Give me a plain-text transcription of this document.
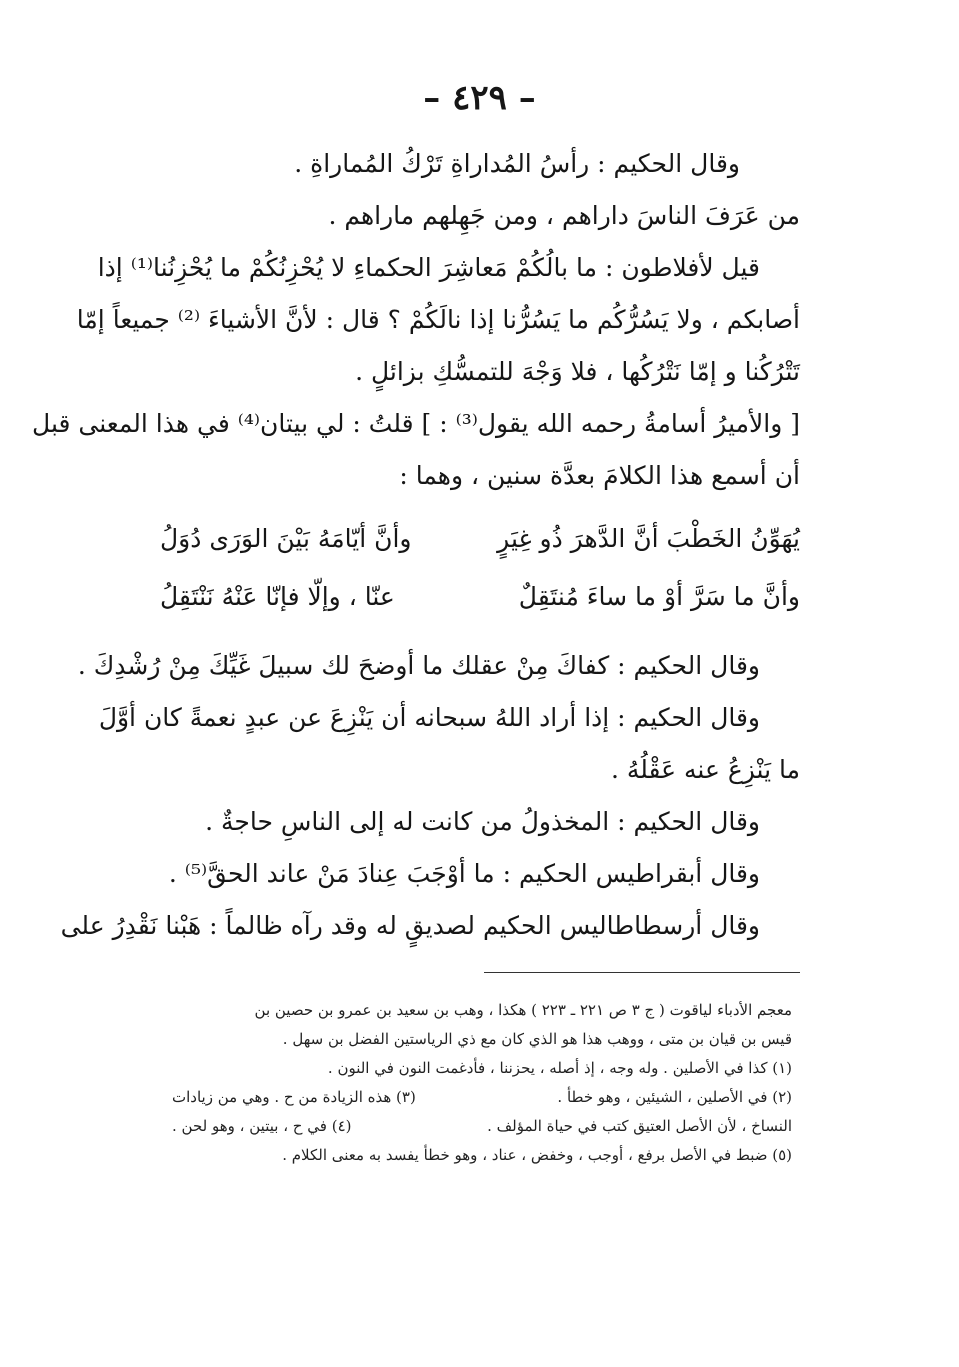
– ٤٢٩ –
وقال الحكيم : رأسُ المُداراةِ تَرْكُ المُماراةِ .
من عَرَفَ الناسَ داراهم ، ومن جَهِلهم ماراهم .
قيل لأفلاطون : ما بالُكُمْ مَعاشِرَ الحكماءِ لا يُحْزِنُكُمْ ما يُحْزِنُنا⁽¹⁾ إذا
أصابكم ، ولا يَسُرُّكُم ما يَسُرُّنا إذا نالَكُمْ ؟ قال : لأنَّ الأشياءَ ⁽²⁾ جميعاً إمّا
تَتْرُكُنا و إمّا نَتْرُكُها ، فلا وَجْهَ للتمسُّكِ بزائلٍ .
[ والأميرُ أسامةُ رحمه الله يقول⁽³⁾ : ] قلتُ : لي بيتان⁽⁴⁾ في هذا المعنى قبل
أن أسمع هذا الكلامَ بعدَّة سنين ، وهما :
يُهَوِّنُ الخَطْبَ أنَّ الدَّهرَ ذُو غِيَرٍ
وأنَّ أيّامَهُ بَيْنَ الوَرَى دُوَلُ
وأنَّ ما سَرَّ أوْ ما ساءَ مُنتَقِلٌ
عنّا ، وإلّا فإنّا عَنْهُ نَنْتَقِلُ
وقال الحكيم : كفاكَ مِنْ عقلك ما أوضحَ لك سبيلَ غَيِّكَ مِنْ رُشْدِكَ .
وقال الحكيم : إذا أراد اللهُ سبحانه أن يَنْزِعَ عن عبدٍ نعمةً كان أوَّلَ
ما يَنْزِعُ عنه عَقْلُهُ .
وقال الحكيم : المخذولُ من كانت له إلى الناسِ حاجةٌ .
وقال أبقراطيس الحكيم : ما أوْجَبَ عِنادَ مَنْ عاند الحقَّ⁽⁵⁾ .
وقال أرسطاطاليس الحكيم لصديقٍ له وقد رآه ظالماً : هَبْنا نَقْدِرُ على
معجم الأدباء لياقوت ( ج ٣ ص ٢٢١ ـ ٢٢٣ ) هكذا ، وهب بن سعيد بن عمرو بن حصين بن
قيس بن قيان بن متى ، ووهب هذا هو الذي كان مع ذي الرياستين الفضل بن سهل .
(١) كذا في الأصلين . وله وجه ، إذ أصله ، يحزننا ، فأدغمت النون في النون .
(٢) في الأصلين ، الشيئين ، وهو خطأ .
(٣) هذه الزيادة من ح . وهي من زيادات
النساخ ، لأن الأصل العتيق كتب في حياة المؤلف .
(٤) في ح ، بيتين ، وهو لحن .
(٥) ضبط في الأصل برفع ، أوجب ، وخفض ، عناد ، وهو خطأ يفسد به معنى الكلام .
